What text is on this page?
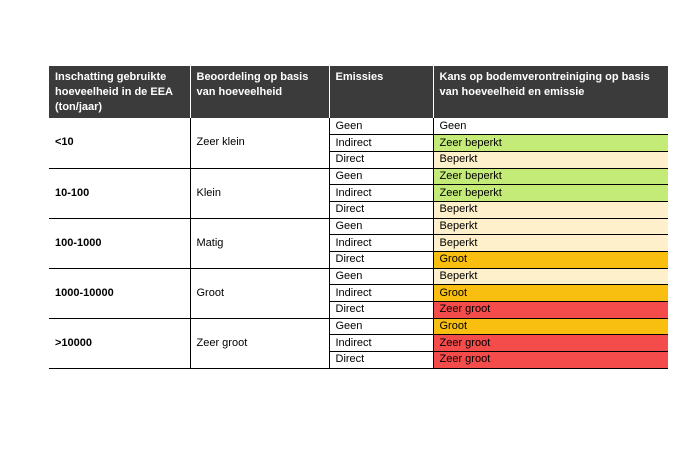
Inschatting gebruikte hoeveelheid in de EEA (ton/jaar)	Beoordeling op basis van hoeveelheid	Emissies	Kans op bodemverontreiniging op basis van hoeveelheid en emissie
<10	Zeer klein	Geen	Geen
		Indirect	Zeer beperkt
		Direct	Beperkt
10-100	Klein	Geen	Zeer beperkt
		Indirect	Zeer beperkt
		Direct	Beperkt
100-1000	Matig	Geen	Beperkt
		Indirect	Beperkt
		Direct	Groot
1000-10000	Groot	Geen	Beperkt
		Indirect	Groot
		Direct	Zeer groot
>10000	Zeer groot	Geen	Groot
		Indirect	Zeer groot
		Direct	Zeer groot
